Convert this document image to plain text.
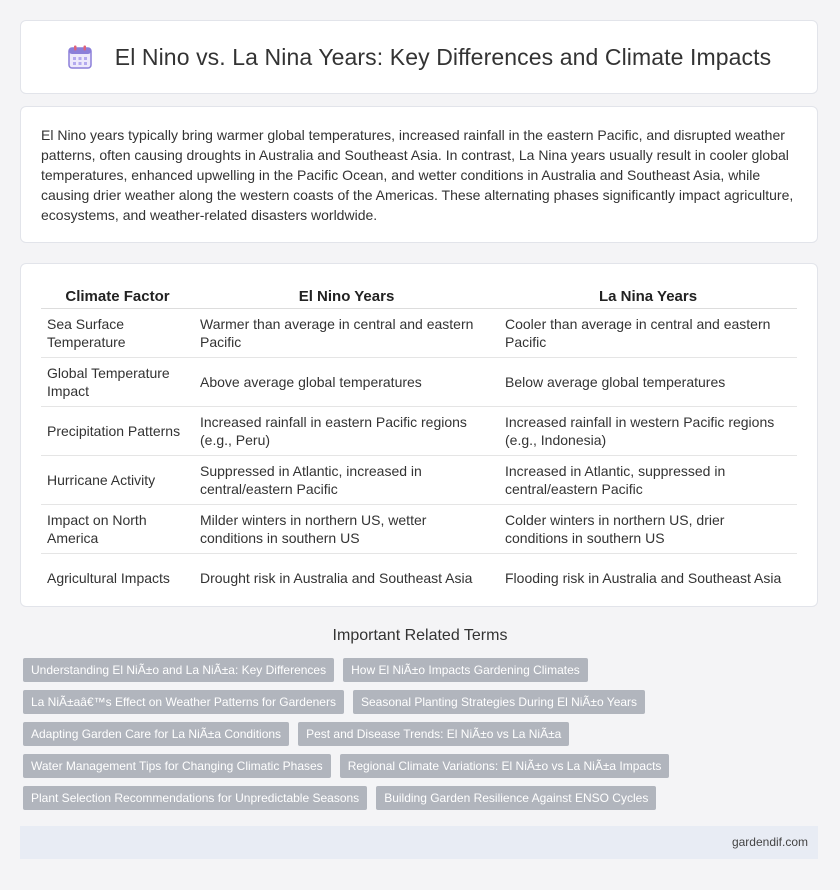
El Nino vs. La Nina Years: Key Differences and Climate Impacts

El Nino years typically bring warmer global temperatures, increased rainfall in the eastern Pacific, and disrupted weather patterns, often causing droughts in Australia and Southeast Asia. In contrast, La Nina years usually result in cooler global temperatures, enhanced upwelling in the Pacific Ocean, and wetter conditions in Australia and Southeast Asia, while causing drier weather along the western coasts of the Americas. These alternating phases significantly impact agriculture, ecosystems, and weather-related disasters worldwide.

Climate Factor	El Nino Years	La Nina Years
Sea Surface Temperature	Warmer than average in central and eastern Pacific	Cooler than average in central and eastern Pacific
Global Temperature Impact	Above average global temperatures	Below average global temperatures
Precipitation Patterns	Increased rainfall in eastern Pacific regions (e.g., Peru)	Increased rainfall in western Pacific regions (e.g., Indonesia)
Hurricane Activity	Suppressed in Atlantic, increased in central/eastern Pacific	Increased in Atlantic, suppressed in central/eastern Pacific
Impact on North America	Milder winters in northern US, wetter conditions in southern US	Colder winters in northern US, drier conditions in southern US
Agricultural Impacts	Drought risk in Australia and Southeast Asia	Flooding risk in Australia and Southeast Asia
Important Related Terms
Understanding El NiÃ±o and La NiÃ±a: Key Differences	How El NiÃ±o Impacts Gardening Climates
La NiÃ±aâ€™s Effect on Weather Patterns for Gardeners	Seasonal Planting Strategies During El NiÃ±o Years
Adapting Garden Care for La NiÃ±a Conditions	Pest and Disease Trends: El NiÃ±o vs La NiÃ±a
Water Management Tips for Changing Climatic Phases	Regional Climate Variations: El NiÃ±o vs La NiÃ±a Impacts
Plant Selection Recommendations for Unpredictable Seasons	Building Garden Resilience Against ENSO Cycles
gardendif.com
